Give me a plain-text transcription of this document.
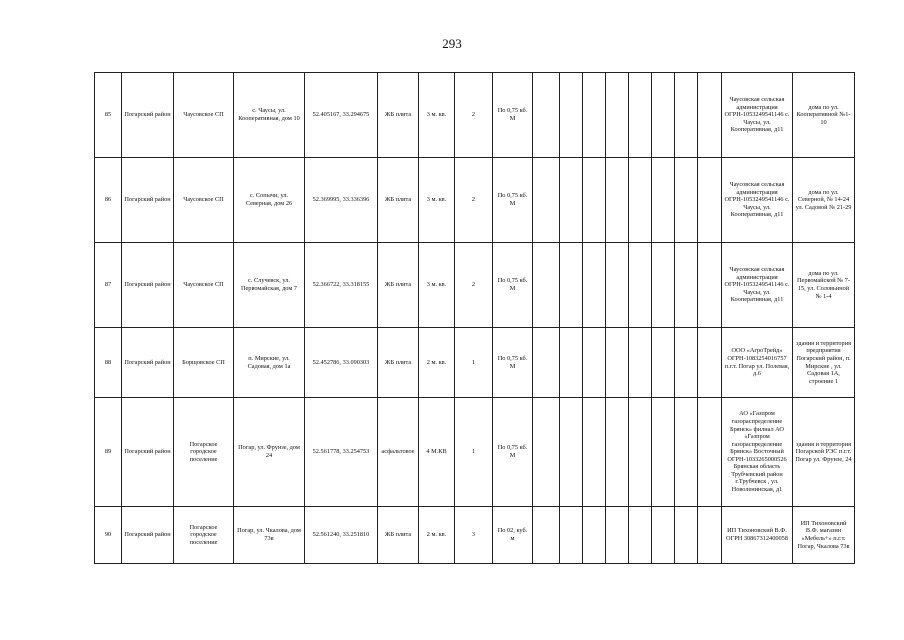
293
85	Погарский район	Чаусовское СП	с. Чаусы, ул. Кооперативная, дом 10	52.405167, 33.294675	ЖБ плита	3 м. кв.	2	По 0,75 кб. М									Чаусовская сельская администрация ОГРН-1053249541146 с. Чаусы, ул. Кооперативная, д11	дома по ул. Кооперативной №1-10
86	Погарский район	Чаусовское СП	с. Сопычи, ул. Северная, дом 26	52.369995, 33.336396	ЖБ плита	3 м. кв.	2	По 0,75 кб. М									Чаусовская сельская администрация ОГРН-1053249541146 с. Чаусы, ул. Кооперативная, д11	дома по ул. Северной, № 14-24 ул. Садовой № 21-29
87	Погарский район	Чаусовское СП	с. Случевск, ул. Первомайская, дом 7	52.366722, 33.318155	ЖБ плита	3 м. кв.	2	По 0,75 кб. М									Чаусовская сельская администрация ОГРН-1053249541146 с. Чаусы, ул. Кооперативная, д11	дома по ул. Первомайской № 7-15, ул. Соловьиной № 1-4
88	Погарский район	Борщовское СП	п. Мирские, ул. Садовая, дом 1а	52.452786, 33.090303	ЖБ плита	2 м. кв.	1	По 0,75 кб. М									ООО «АгроТрейд» ОГРН-1083254016757 п.г.т. Погар ул. Полевая, д.6	здания и территория предприятия Погарский район, п. Мирские , ул. Садовая 1А, строение 1
89	Погарский район	Погарское городское поселение	Погар, ул. Фрунзе, дом 24	52.561778, 33.254753	асфальтовое	4 М.КВ	1	По 0,75 кб. М									АО «Газпром газораспределение Брянск» филиал АО «Газпром газораспределение Брянск» Восточный ОГРН-1033265000526 Брянская область Трубчевский район г.Трубчевск , ул. Новоленинская, д1	здания и территория Погарской РЭС п.г.т. Погар ул. Фрунзе, 24
90	Погарский район	Погарское городское поселение	Погар, ул. Чкалова, дом 73в	52.561240, 33.251810	ЖБ плита	2 м. кв.	3	По 02, куб. м									ИП Тихоновский В.Ф. ОГРН 30867312400058	ИП Тихоновский В.Ф. магазин «Мебель+» п.г.т. Погар, Чкалова 73в
